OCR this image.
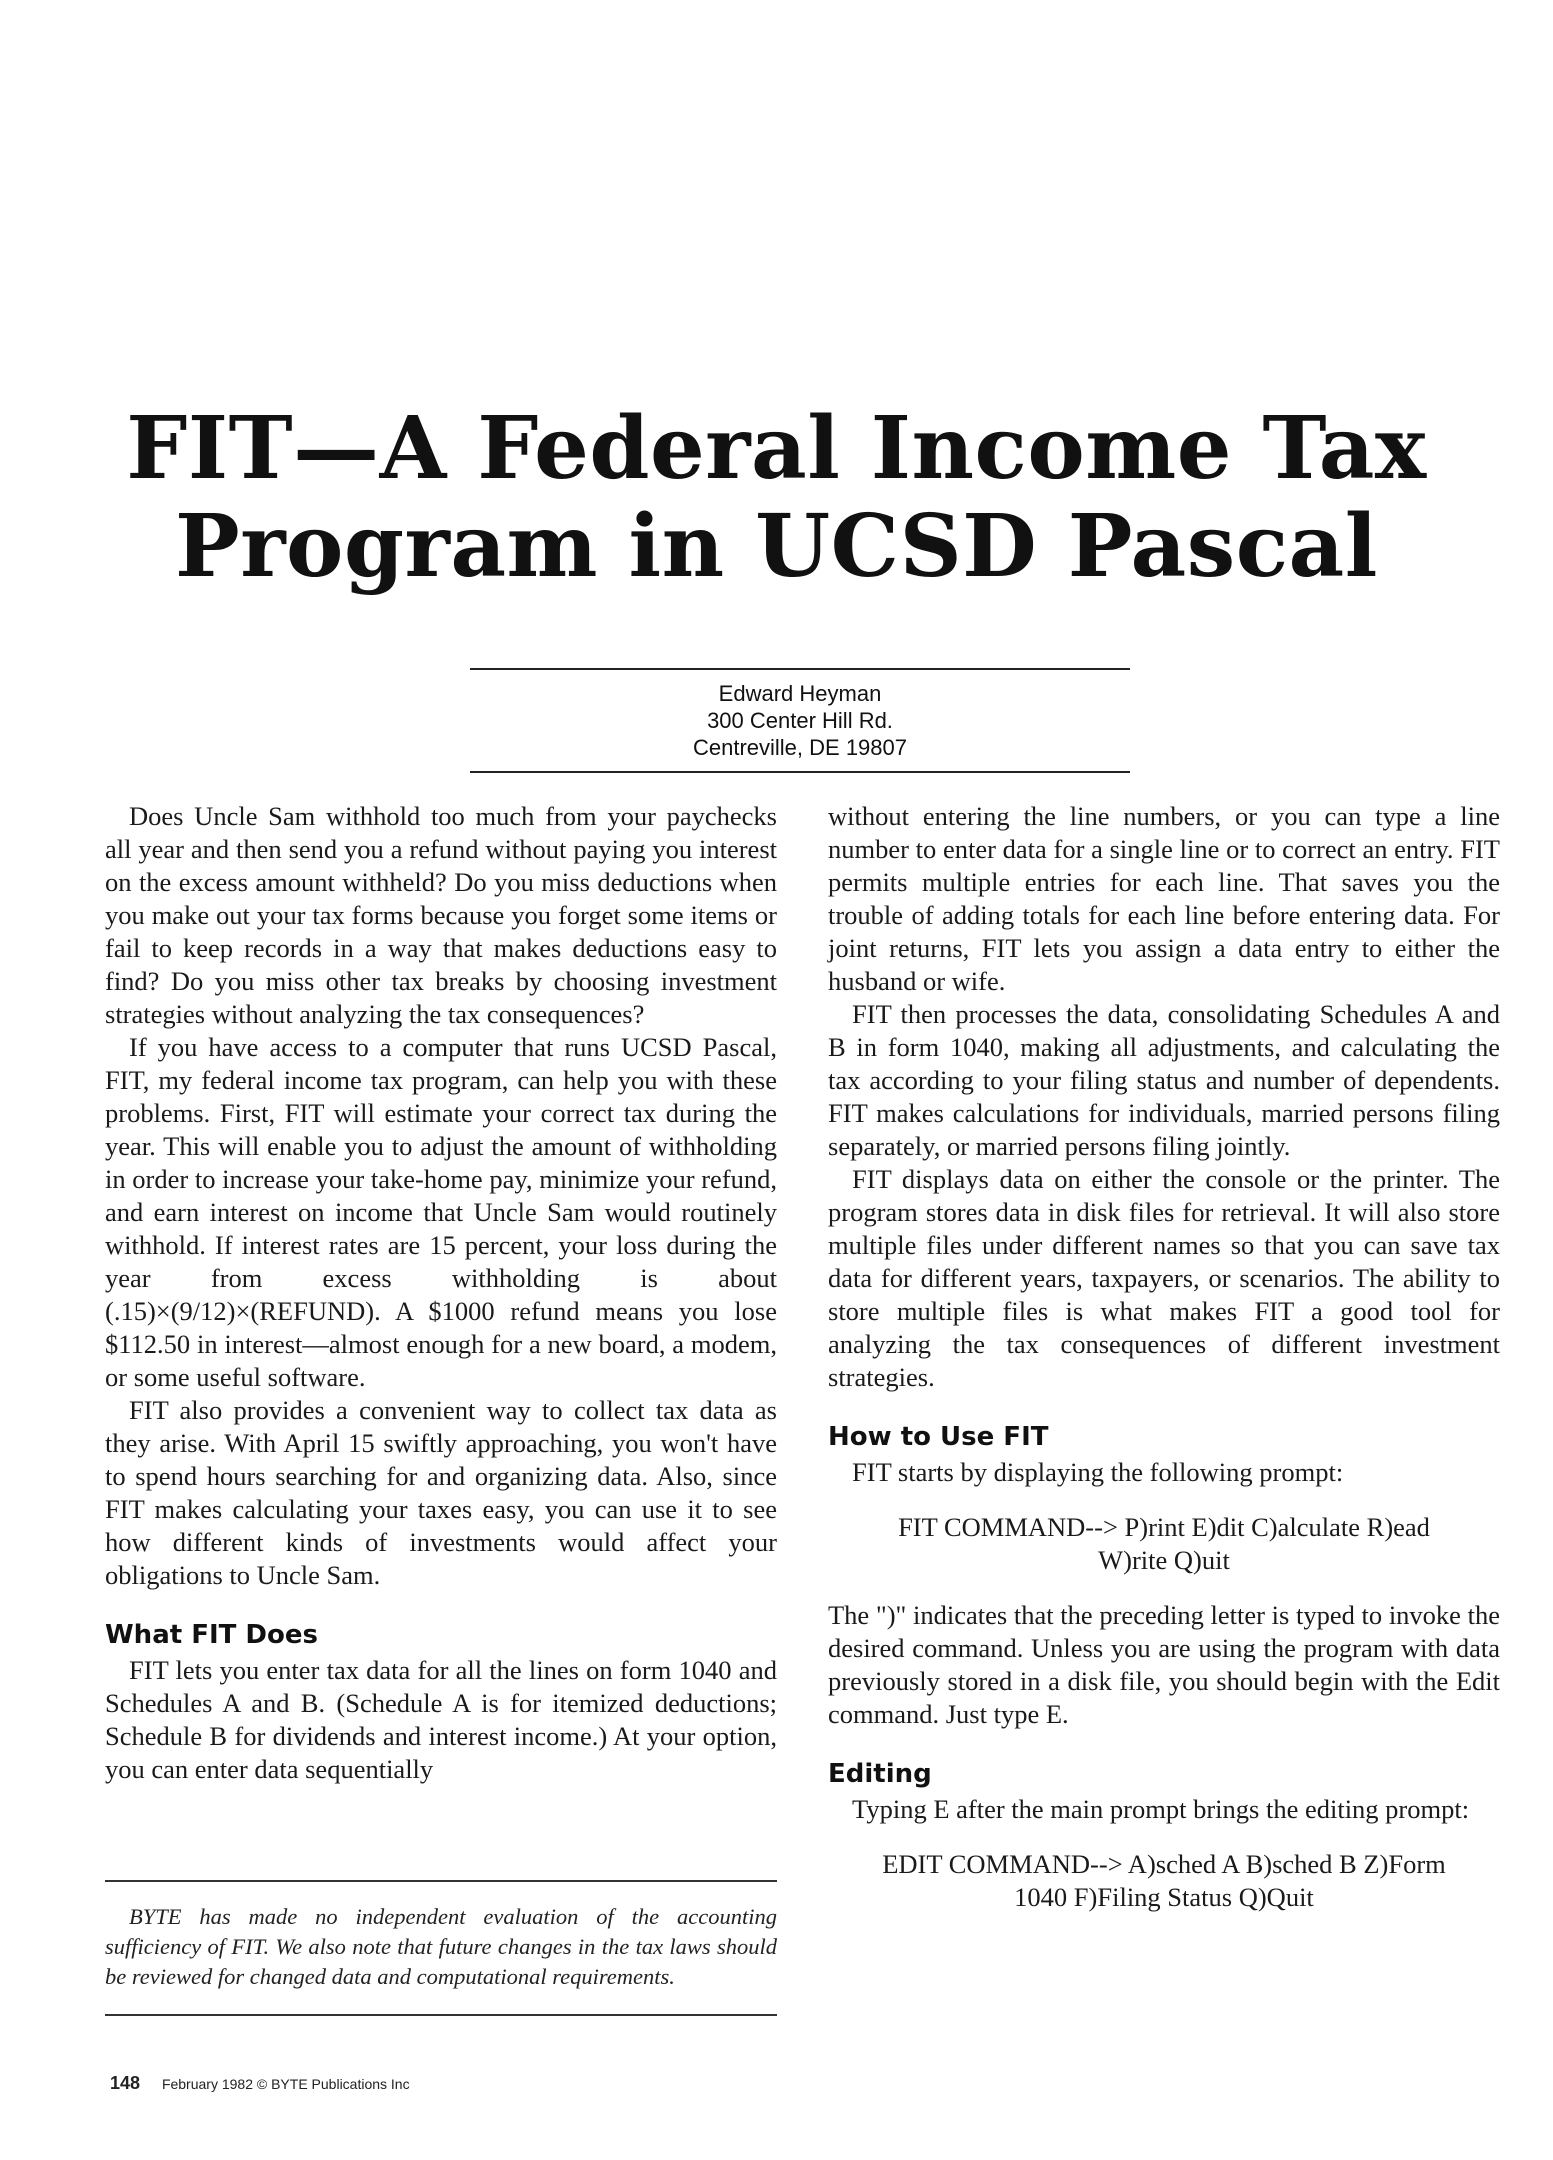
FIT—A Federal Income Tax
Program in UCSD Pascal
Edward Heyman
300 Center Hill Rd.
Centreville, DE 19807

Does Uncle Sam withhold too much from your paychecks all year and then send you a refund without paying you interest on the excess amount withheld? Do you miss deductions when you make out your tax forms because you forget some items or fail to keep records in a way that makes deductions easy to find? Do you miss other tax breaks by choosing investment strategies without analyzing the tax consequences?

If you have access to a computer that runs UCSD Pascal, FIT, my federal income tax program, can help you with these problems. First, FIT will estimate your correct tax during the year. This will enable you to adjust the amount of withholding in order to increase your take-home pay, minimize your refund, and earn interest on income that Uncle Sam would routinely withhold. If interest rates are 15 percent, your loss during the year from excess withholding is about (.15)×(9/12)×(REFUND). A $1000 refund means you lose $112.50 in interest—almost enough for a new board, a modem, or some useful software.

FIT also provides a convenient way to collect tax data as they arise. With April 15 swiftly approaching, you won't have to spend hours searching for and organizing data. Also, since FIT makes calculating your taxes easy, you can use it to see how different kinds of investments would affect your obligations to Uncle Sam.

What FIT Does

FIT lets you enter tax data for all the lines on form 1040 and Schedules A and B. (Schedule A is for itemized deductions; Schedule B for dividends and interest income.) At your option, you can enter data sequentially

BYTE has made no independent evaluation of the accounting sufficiency of FIT. We also note that future changes in the tax laws should be reviewed for changed data and computational requirements.

without entering the line numbers, or you can type a line number to enter data for a single line or to correct an entry. FIT permits multiple entries for each line. That saves you the trouble of adding totals for each line before entering data. For joint returns, FIT lets you assign a data entry to either the husband or wife.

FIT then processes the data, consolidating Schedules A and B in form 1040, making all adjustments, and calculating the tax according to your filing status and number of dependents. FIT makes calculations for individuals, married persons filing separately, or married persons filing jointly.

FIT displays data on either the console or the printer. The program stores data in disk files for retrieval. It will also store multiple files under different names so that you can save tax data for different years, taxpayers, or scenarios. The ability to store multiple files is what makes FIT a good tool for analyzing the tax consequences of different investment strategies.

How to Use FIT

FIT starts by displaying the following prompt:

FIT COMMAND--> P)rint E)dit C)alculate R)ead
W)rite Q)uit

The ")" indicates that the preceding letter is typed to invoke the desired command. Unless you are using the program with data previously stored in a disk file, you should begin with the Edit command. Just type E.

Editing

Typing E after the main prompt brings the editing prompt:

EDIT COMMAND--> A)sched A B)sched B Z)Form
1040 F)Filing Status Q)Quit
148 February 1982 © BYTE Publications Inc
